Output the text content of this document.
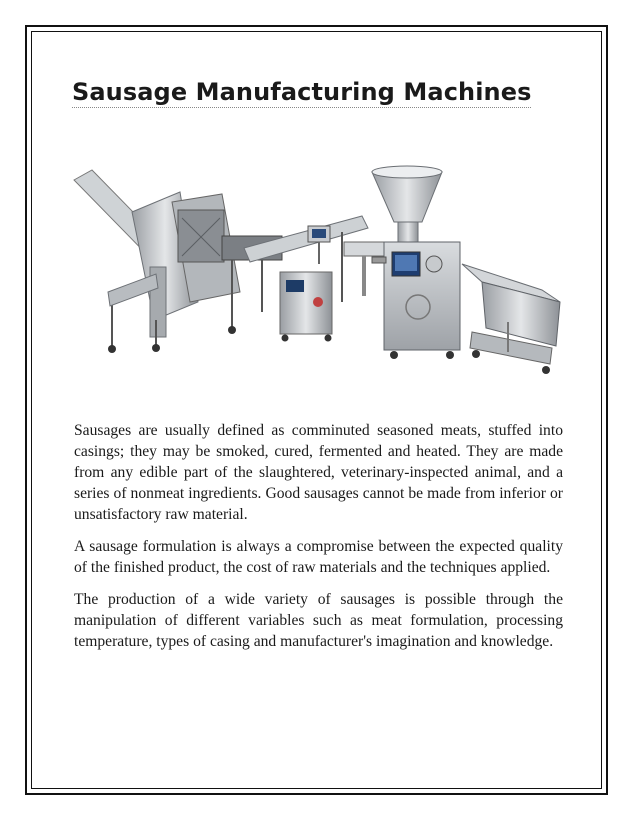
Sausage Manufacturing Machines

Sausages are usually defined as comminuted seasoned meats, stuffed into casings; they may be smoked, cured, fermented and heated. They are made from any edible part of the slaughtered, veterinary-inspected animal, and a series of nonmeat ingredients. Good sausages cannot be made from inferior or unsatisfactory raw material.

A sausage formulation is always a compromise between the expected quality of the finished product, the cost of raw materials and the techniques applied.

The production of a wide variety of sausages is possible through the manipulation of different variables such as meat formulation, processing temperature, types of casing and manufacturer's imagination and knowledge.
